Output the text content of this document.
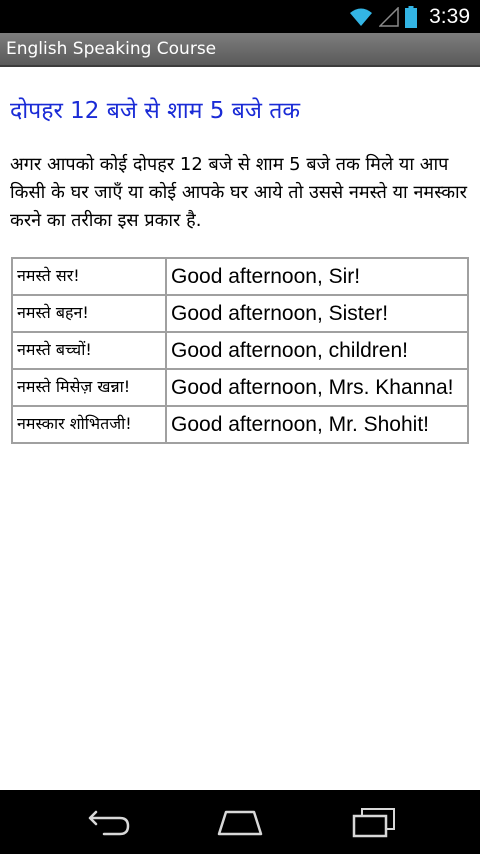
3:39
English Speaking Course
दोपहर 12 बजे से शाम 5 बजे तक
अगर आपको कोई दोपहर 12 बजे से शाम 5 बजे तक मिले या आप किसी के घर जाएँ या कोई आपके घर आये तो उससे नमस्ते या नमस्कार करने का तरीका इस प्रकार है.
नमस्ते सर!	Good afternoon, Sir!
नमस्ते बहन!	Good afternoon, Sister!
नमस्ते बच्चों!	Good afternoon, children!
नमस्ते मिसेज़ खन्ना!	Good afternoon, Mrs. Khanna!
नमस्कार शोभितजी!	Good afternoon, Mr. Shohit!
